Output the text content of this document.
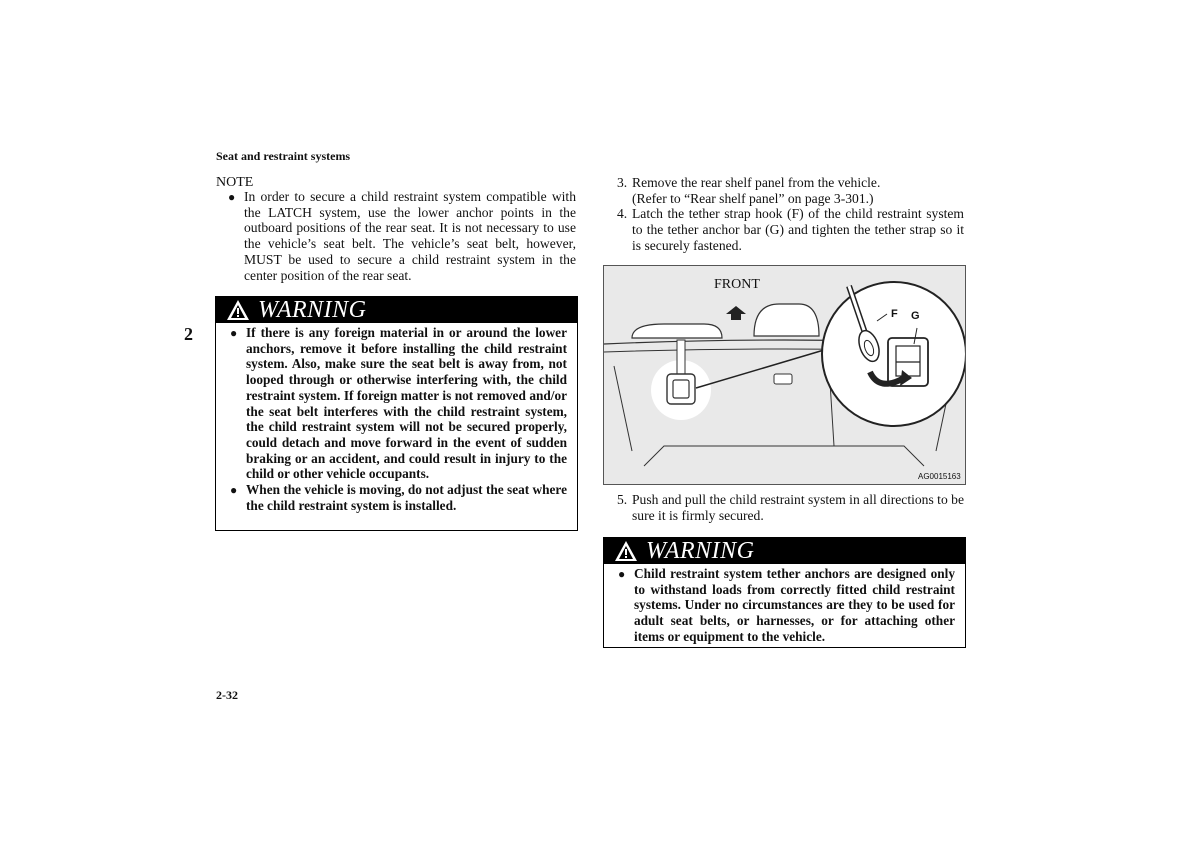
Seat and restraint systems
2
NOTE
● In order to secure a child restraint system compatible with the LATCH system, use the lower anchor points in the outboard positions of the rear seat. It is not necessary to use the vehicle’s seat belt. The vehicle’s seat belt, however, MUST be used to secure a child restraint system in the center position of the rear seat.
WARNING
● If there is any foreign material in or around the lower anchors, remove it before installing the child restraint system. Also, make sure the seat belt is away from, not looped through or otherwise interfering with, the child restraint system. If foreign matter is not removed and/or the seat belt interferes with the child restraint system, the child restraint system will not be secured properly, could detach and move forward in the event of sudden braking or an accident, and could result in injury to the child or other vehicle occupants.
● When the vehicle is moving, do not adjust the seat where the child restraint system is installed.
3. Remove the rear shelf panel from the vehicle.
(Refer to “Rear shelf panel” on page 3-301.)
4. Latch the tether strap hook (F) of the child restraint system to the tether anchor bar (G) and tighten the tether strap so it is securely fastened.
FRONT
F G
AG0015163
5. Push and pull the child restraint system in all directions to be sure it is firmly secured.
WARNING
● Child restraint system tether anchors are designed only to withstand loads from correctly fitted child restraint systems. Under no circumstances are they to be used for adult seat belts, or harnesses, or for attaching other items or equipment to the vehicle.
2-32
